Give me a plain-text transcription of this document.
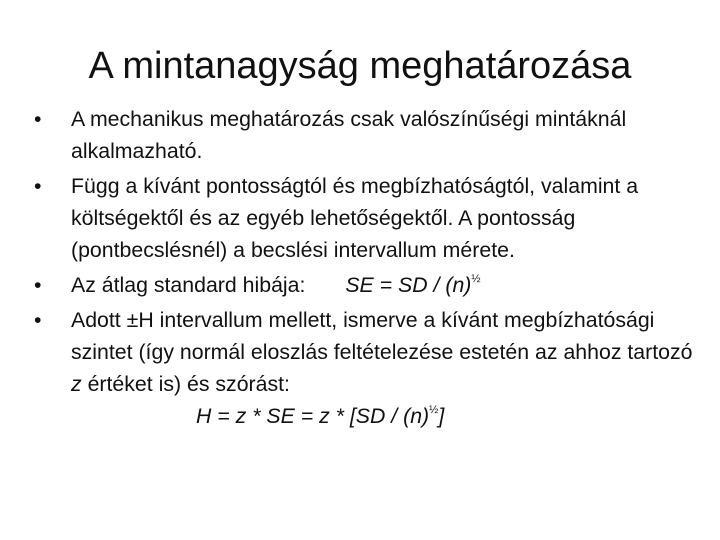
A mintanagyság meghatározása
•	A mechanikus meghatározás csak valószínűségi mintáknál alkalmazható.
•	Függ a kívánt pontosságtól és megbízhatóságtól, valamint a költségektől és az egyéb lehetőségektől. A pontosság (pontbecslésnél) a becslési intervallum mérete.
•	Az átlag standard hibája: SE = SD / $(n)^{\frac{1}{2}}$
•	Adott ±H intervallum mellett, ismerve a kívánt megbízhatósági szintet (így normál eloszlás feltételezése estetén az ahhoz tartozó z értéket is) és szórást:
H = z * SE = z * $[SD / (n)^{\frac{1}{2}}]$
